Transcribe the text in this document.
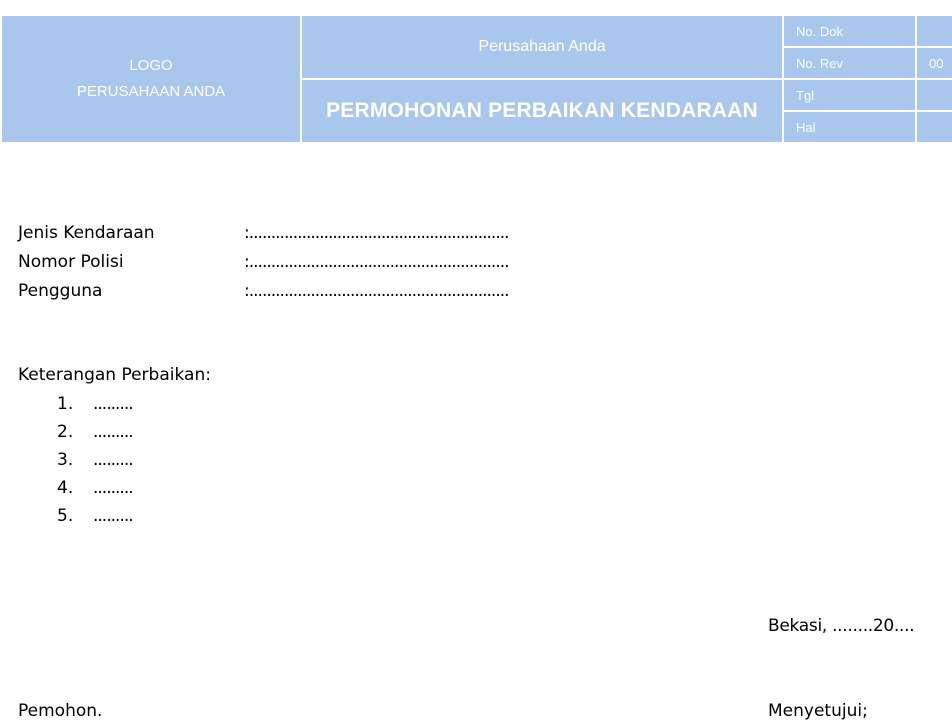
LOGO
PERUSAHAAN ANDA	Perusahaan Anda	No. Dok	
		No. Rev	00
	PERMOHONAN PERBAIKAN KENDARAAN	Tgl	
		Hal	
Jenis Kendaraan	:...........................................................
Nomor Polisi	:...........................................................
Pengguna	:...........................................................
Keterangan Perbaikan:
1. .........
2. .........
3. .........
4. .........
5. .........
Bekasi, ........20....
Pemohon.	Menyetujui;
